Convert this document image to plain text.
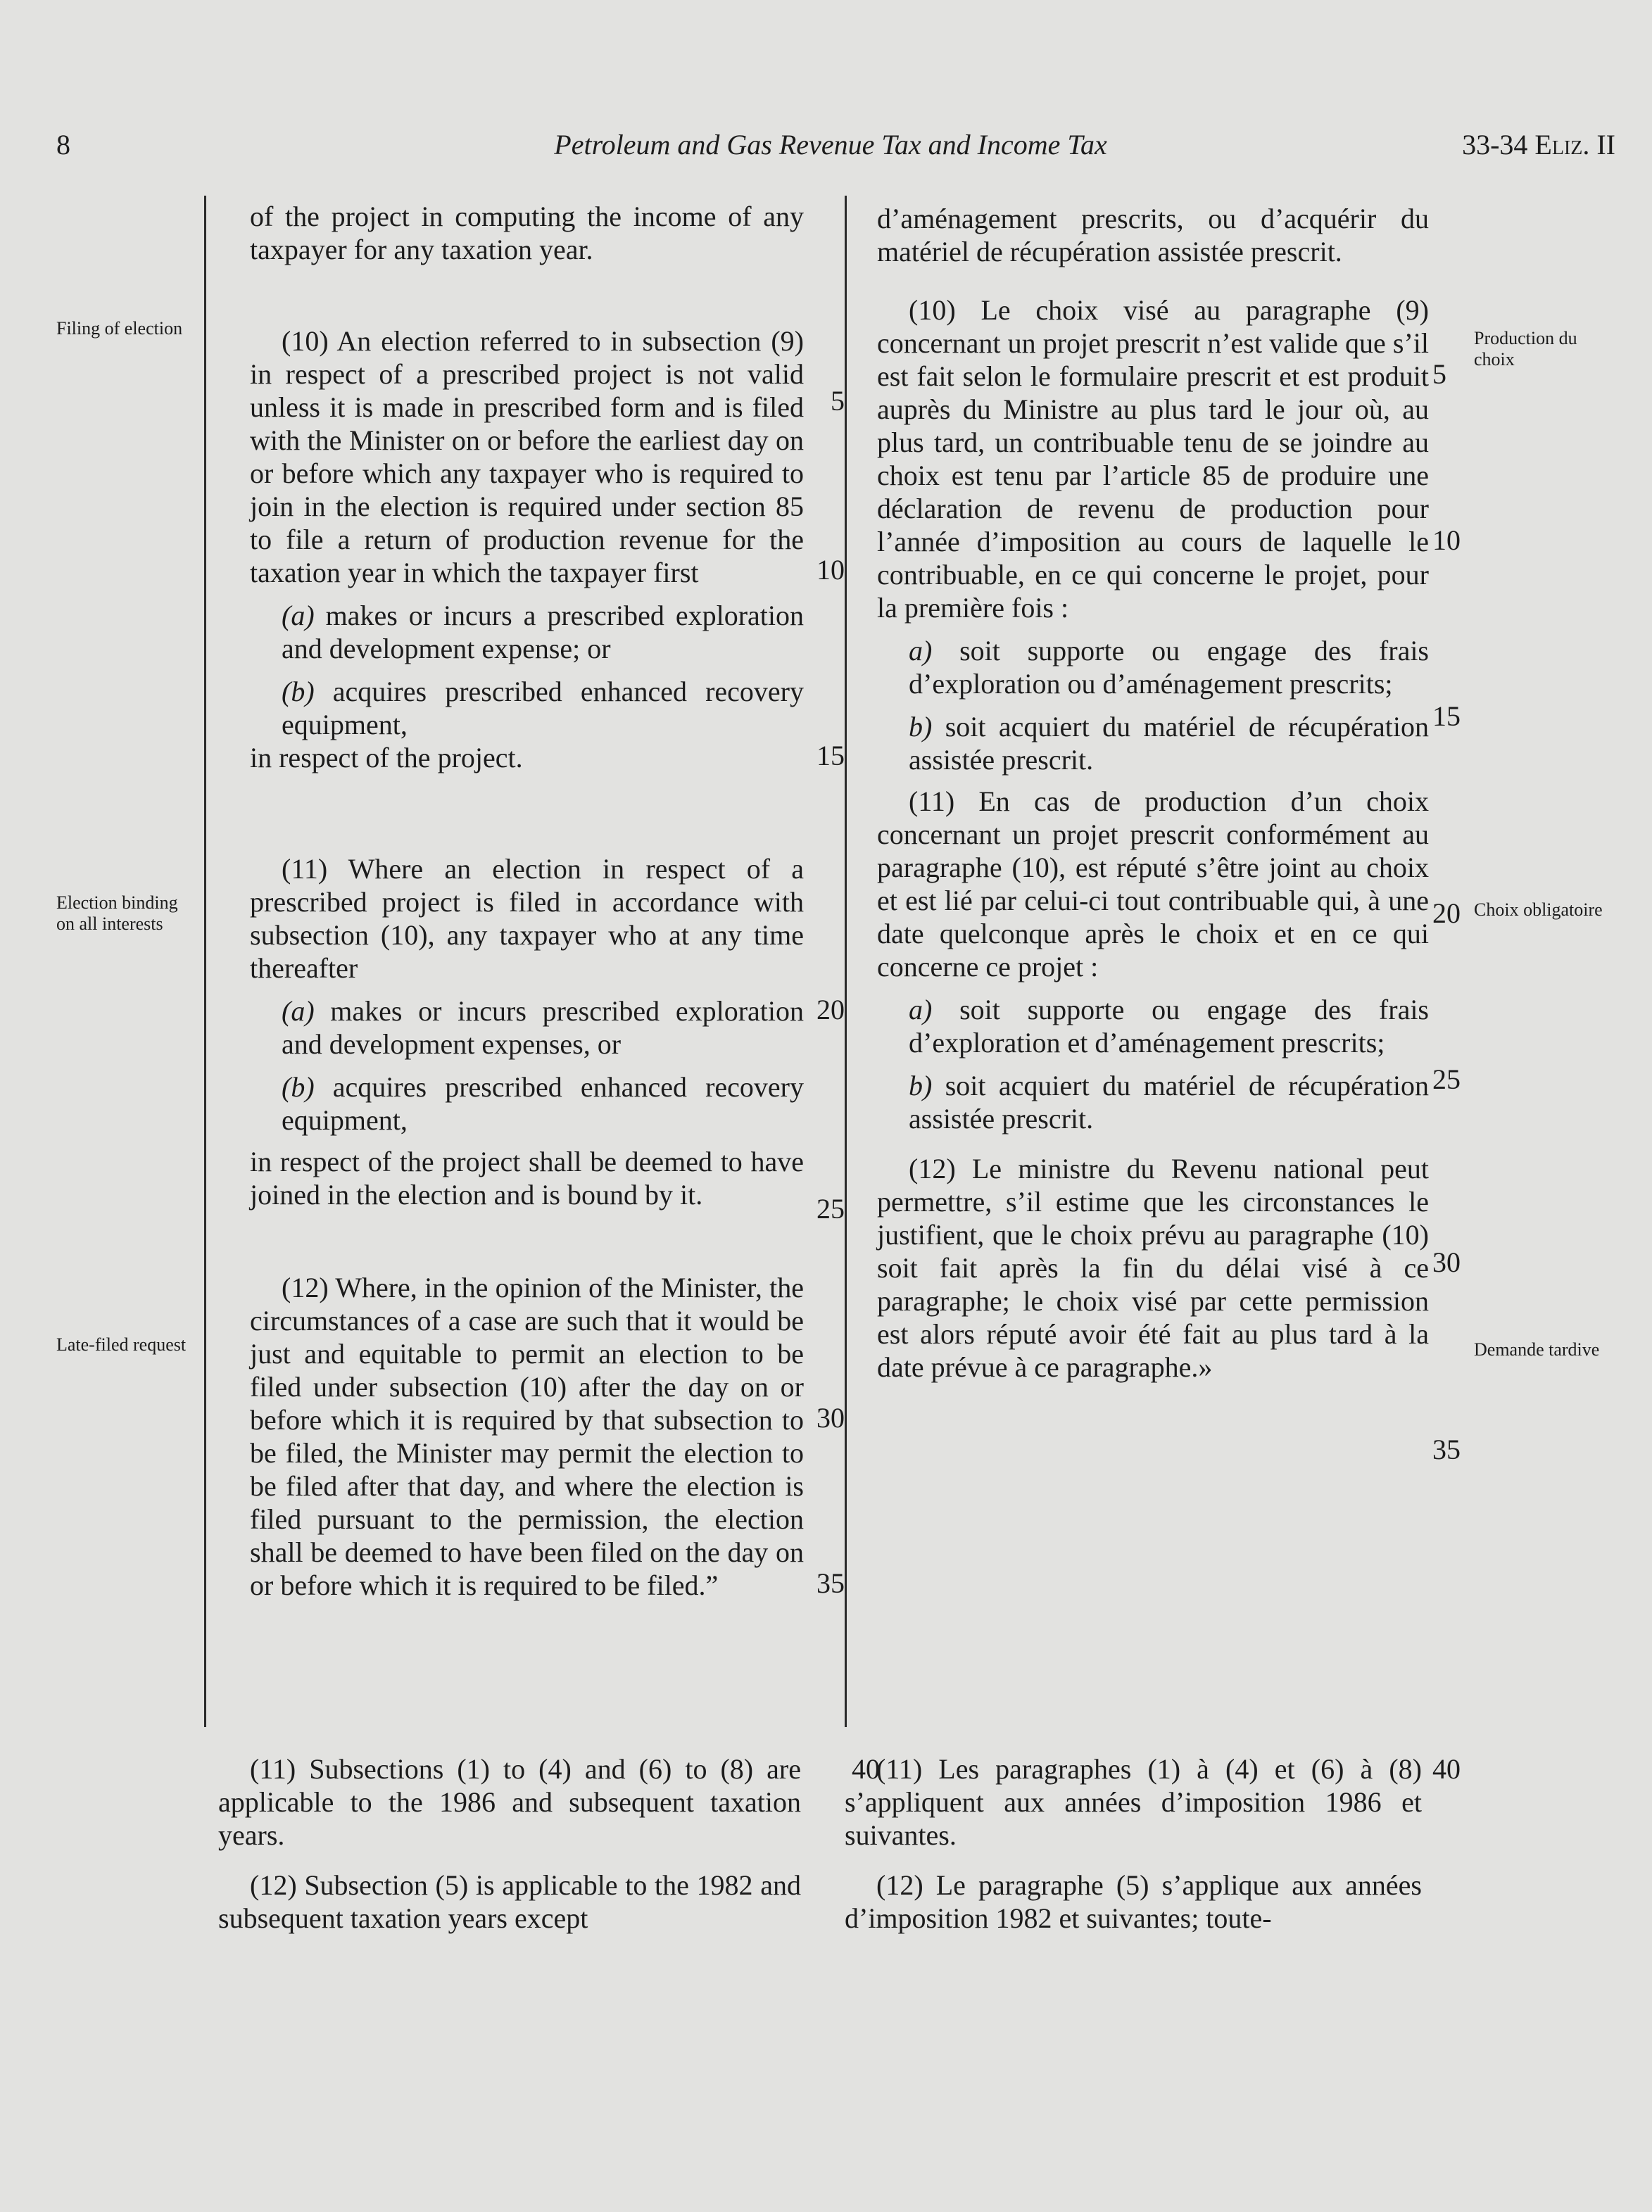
8	Petroleum and Gas Revenue Tax and Income Tax	33-34 Eliz. II
Filing of election
Election binding on all interests
Late-filed request
Production du choix
Choix obligatoire
Demande tardive

of the project in computing the income of any taxpayer for any taxation year.

(10) An election referred to in subsection (9) in respect of a prescribed project is not valid unless it is made in prescribed form and is filed with the Minister on or before the earliest day on or before which any taxpayer who is required to join in the election is required under section 85 to file a return of production revenue for the taxation year in which the taxpayer first

(a) makes or incurs a prescribed exploration and development expense; or

(b) acquires prescribed enhanced recovery equipment,

in respect of the project.

(11) Where an election in respect of a prescribed project is filed in accordance with subsection (10), any taxpayer who at any time thereafter

(a) makes or incurs prescribed exploration and development expenses, or

(b) acquires prescribed enhanced recovery equipment,

in respect of the project shall be deemed to have joined in the election and is bound by it.

(12) Where, in the opinion of the Minister, the circumstances of a case are such that it would be just and equitable to permit an election to be filed under subsection (10) after the day on or before which it is required by that subsection to be filed, the Minister may permit the election to be filed after that day, and where the election is filed pursuant to the permission, the election shall be deemed to have been filed on the day on or before which it is required to be filed.”

(11) Subsections (1) to (4) and (6) to (8) are applicable to the 1986 and subsequent taxation years.

(12) Subsection (5) is applicable to the 1982 and subsequent taxation years except

d’aménagement prescrits, ou d’acquérir du matériel de récupération assistée prescrit.

(10) Le choix visé au paragraphe (9) concernant un projet prescrit n’est valide que s’il est fait selon le formulaire prescrit et est produit auprès du Ministre au plus tard le jour où, au plus tard, un contribuable tenu de se joindre au choix est tenu par l’article 85 de produire une déclaration de revenu de production pour l’année d’imposition au cours de laquelle le contribuable, en ce qui concerne le projet, pour la première fois :

a) soit supporte ou engage des frais d’exploration ou d’aménagement prescrits;

b) soit acquiert du matériel de récupération assistée prescrit.

(11) En cas de production d’un choix concernant un projet prescrit conformément au paragraphe (10), est réputé s’être joint au choix et est lié par celui-ci tout contribuable qui, à une date quelconque après le choix et en ce qui concerne ce projet :

a) soit supporte ou engage des frais d’exploration et d’aménagement prescrits;

b) soit acquiert du matériel de récupération assistée prescrit.

(12) Le ministre du Revenu national peut permettre, s’il estime que les circonstances le justifient, que le choix prévu au paragraphe (10) soit fait après la fin du délai visé à ce paragraphe; le choix visé par cette permission est alors réputé avoir été fait au plus tard à la date prévue à ce paragraphe.»

(11) Les paragraphes (1) à (4) et (6) à (8) s’appliquent aux années d’imposition 1986 et suivantes.

(12) Le paragraphe (5) s’applique aux années d’imposition 1982 et suivantes; toute-

5
10
15
20
25
30
35
5
10
15
20
25
30
35
40	40
